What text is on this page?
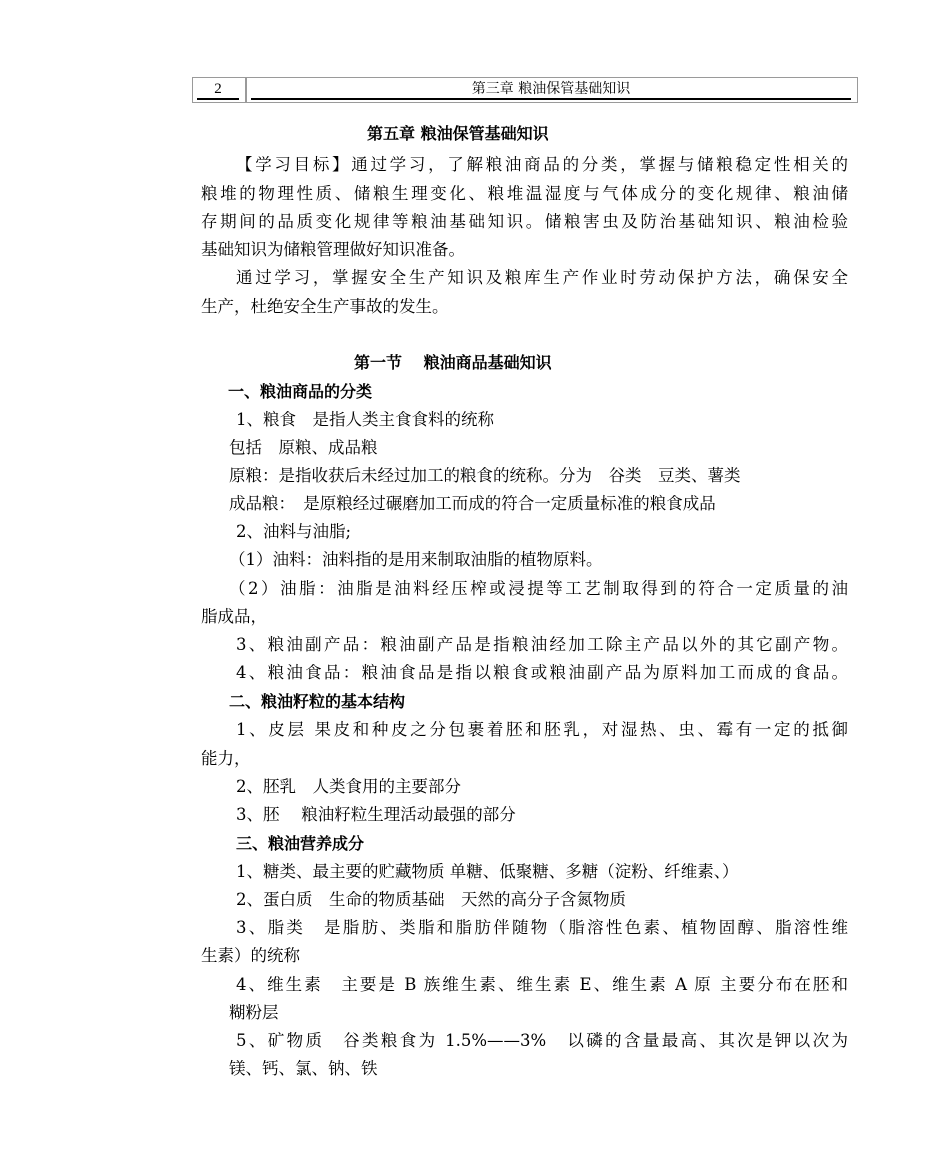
2	第三章 粮油保管基础知识
第五章 粮油保管基础知识
【学习目标】通过学习，了解粮油商品的分类，掌握与储粮稳定性相关的
粮堆的物理性质、储粮生理变化、粮堆温湿度与气体成分的变化规律、粮油储
存期间的品质变化规律等粮油基础知识。储粮害虫及防治基础知识、粮油检验
基础知识为储粮管理做好知识准备。
通过学习，掌握安全生产知识及粮库生产作业时劳动保护方法，确保安全
生产，杜绝安全生产事故的发生。
第一节　 粮油商品基础知识
一、粮油商品的分类
1、粮食　是指人类主食食料的统称
包括　原粮、成品粮
原粮：是指收获后未经过加工的粮食的统称。分为　谷类　豆类、薯类
成品粮：　是原粮经过碾磨加工而成的符合一定质量标准的粮食成品
2、油料与油脂;
（1）油料：油料指的是用来制取油脂的植物原料。
（2）油脂：油脂是油料经压榨或浸提等工艺制取得到的符合一定质量的油
脂成品，
3、粮油副产品：粮油副产品是指粮油经加工除主产品以外的其它副产物。
4、粮油食品：粮油食品是指以粮食或粮油副产品为原料加工而成的食品。
二、粮油籽粒的基本结构
1、皮层 果皮和种皮之分包裹着胚和胚乳，对湿热、虫、霉有一定的抵御
能力，
2、胚乳　人类食用的主要部分
3、胚　 粮油籽粒生理活动最强的部分
三、粮油营养成分
1、糖类、最主要的贮藏物质 单糖、低聚糖、多糖（淀粉、纤维素、）
2、蛋白质　生命的物质基础　天然的高分子含氮物质
3、脂类　是脂肪、类脂和脂肪伴随物（脂溶性色素、植物固醇、脂溶性维
生素）的统称
4、维生素　主要是 B 族维生素、维生素 E、维生素 A 原 主要分布在胚和
糊粉层
5、矿物质　谷类粮食为 1.5%——3%　以磷的含量最高、其次是钾以次为
镁、钙、氯、钠、铁
